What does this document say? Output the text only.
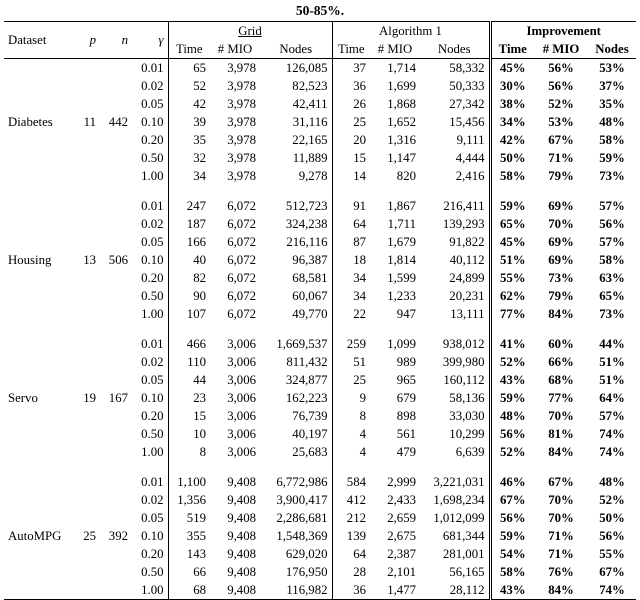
50-85%.
Dataset	p	n	γ	Grid			Algorithm 1			Improvement		
				Time	# MIO	Nodes	Time	# MIO	Nodes	Time	# MIO	Nodes
			0.01	65	3,978	126,085	37	1,714	58,332	45%	56%	53%
			0.02	52	3,978	82,523	36	1,699	50,333	30%	56%	37%
			0.05	42	3,978	42,411	26	1,868	27,342	38%	52%	35%
Diabetes	11	442	0.10	39	3,978	31,116	25	1,652	15,456	34%	53%	48%
			0.20	35	3,978	22,165	20	1,316	9,111	42%	67%	58%
			0.50	32	3,978	11,889	15	1,147	4,444	50%	71%	59%
			1.00	34	3,978	9,278	14	820	2,416	58%	79%	73%

			0.01	247	6,072	512,723	91	1,867	216,411	59%	69%	57%
			0.02	187	6,072	324,238	64	1,711	139,293	65%	70%	56%
			0.05	166	6,072	216,116	87	1,679	91,822	45%	69%	57%
Housing	13	506	0.10	40	6,072	96,387	18	1,814	40,112	51%	69%	58%
			0.20	82	6,072	68,581	34	1,599	24,899	55%	73%	63%
			0.50	90	6,072	60,067	34	1,233	20,231	62%	79%	65%
			1.00	107	6,072	49,770	22	947	13,111	77%	84%	73%

			0.01	466	3,006	1,669,537	259	1,099	938,012	41%	60%	44%
			0.02	110	3,006	811,432	51	989	399,980	52%	66%	51%
			0.05	44	3,006	324,877	25	965	160,112	43%	68%	51%
Servo	19	167	0.10	23	3,006	162,223	9	679	58,136	59%	77%	64%
			0.20	15	3,006	76,739	8	898	33,030	48%	70%	57%
			0.50	10	3,006	40,197	4	561	10,299	56%	81%	74%
			1.00	8	3,006	25,683	4	479	6,639	52%	84%	74%

			0.01	1,100	9,408	6,772,986	584	2,999	3,221,031	46%	67%	48%
			0.02	1,356	9,408	3,900,417	412	2,433	1,698,234	67%	70%	52%
			0.05	519	9,408	2,286,681	212	2,659	1,012,099	56%	70%	50%
AutoMPG	25	392	0.10	355	9,408	1,548,369	139	2,675	681,344	59%	71%	56%
			0.20	143	9,408	629,020	64	2,387	281,001	54%	71%	55%
			0.50	66	9,408	176,950	28	2,101	56,165	58%	76%	67%
			1.00	68	9,408	116,982	36	1,477	28,112	43%	84%	74%
